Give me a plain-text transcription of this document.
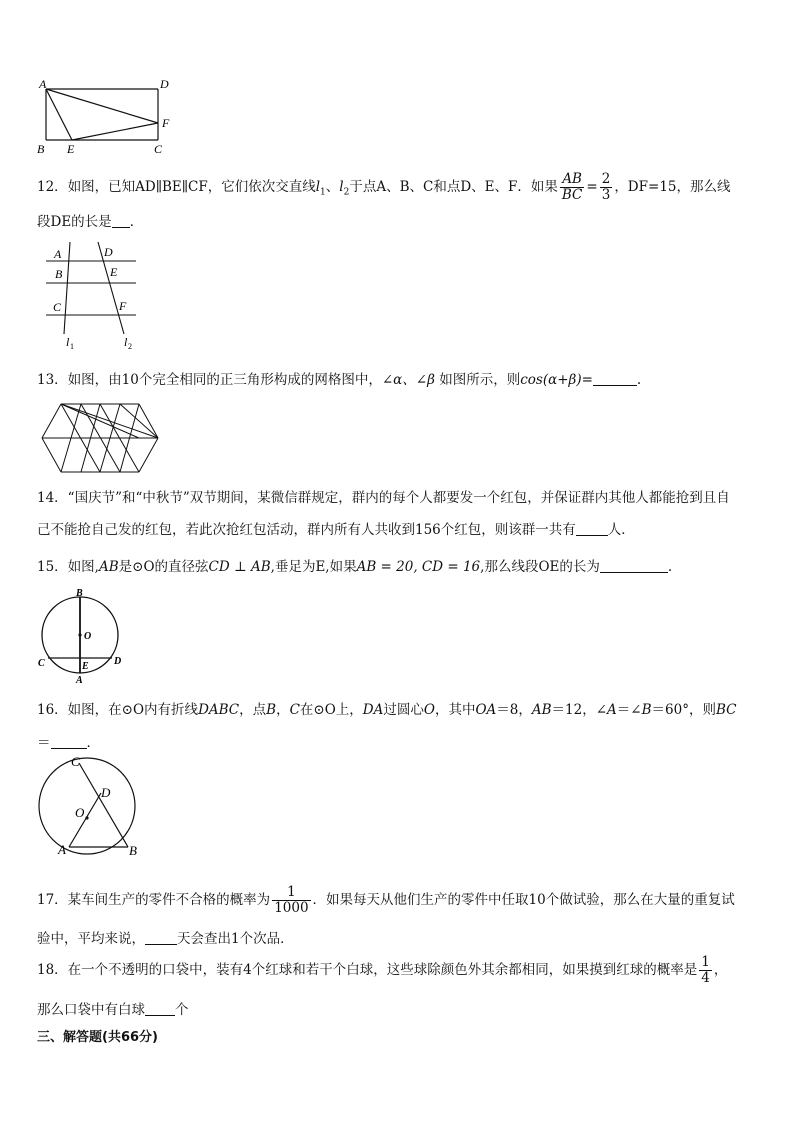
A	D
F
B E	C
12．如图，已知AD∥BE∥CF，它们依次交直线$l_1$、$l_2$于点A、B、C和点D、E、F．如果 $\frac{AB}{BC} = \frac{2}{3}$ ，DF=15，那么线
段DE的长是 ．
A	D
B	E
C	F
l 1	l 2
13．如图，由10个完全相同的正三角形构成的网格图中，∠α、∠β 如图所示，则cos(α+β)=	.
14．“国庆节”和“中秋节”双节期间，某微信群规定，群内的每个人都要发一个红包，并保证群内其他人都能抢到且自
己不能抢自己发的红包，若此次抢红包活动，群内所有人共收到156个红包，则该群一共有 人．
15．如图,AB是⊙O的直径弦CD ⊥ AB,垂足为E,如果AB = 20, CD = 16,那么线段OE的长为	.
B
O
C	E	D
A
16．如图，在⊙O内有折线DABC，点B，C在⊙O上，DA过圆心O，其中OA＝8，AB＝12，∠A＝∠B＝60°，则BC
＝	．
C
D
O
A	B
17．某车间生产的零件不合格的概率为 $\frac{1}{1000}$ ．如果每天从他们生产的零件中任取10个做试验，那么在大量的重复试
验中，平均来说， 天会查出1个次品．
18．在一个不透明的口袋中，装有4个红球和若干个白球，这些球除颜色外其余都相同，如果摸到红球的概率是 $\frac{1}{4}$ ，
那么口袋中有白球 个
三、解答题(共66分)
